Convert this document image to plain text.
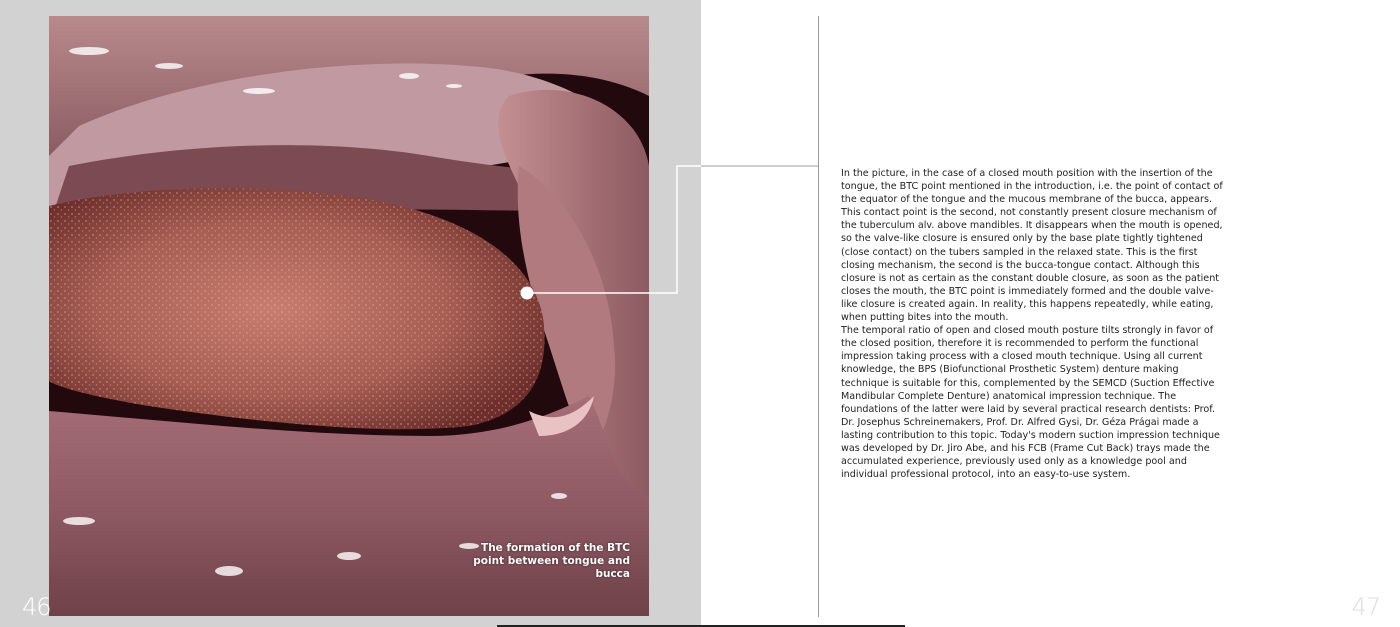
The formation of the BTC point between tongue and bucca
46	47

In the picture, in the case of a closed mouth position with the insertion of the tongue, the BTC point mentioned in the introduction, i.e. the point of contact of the equator of the tongue and the mucous membrane of the bucca, appears. This contact point is the second, not constantly present closure mechanism of the tuberculum alv. above mandibles. It disappears when the mouth is opened, so the valve-like closure is ensured only by the base plate tightly tightened (close contact) on the tubers sampled in the relaxed state. This is the first closing mechanism, the second is the bucca-tongue contact. Although this closure is not as certain as the constant double closure, as soon as the patient closes the mouth, the BTC point is immediately formed and the double valve-like closure is created again. In reality, this happens repeatedly, while eating, when putting bites into the mouth.

The temporal ratio of open and closed mouth posture tilts strongly in favor of the closed position, therefore it is recommended to perform the functional impression taking process with a closed mouth technique. Using all current knowledge, the BPS (Biofunctional Prosthetic System) denture making technique is suitable for this, complemented by the SEMCD (Suction Effective Mandibular Complete Denture) anatomical impression technique. The foundations of the latter were laid by several practical research dentists: Prof. Dr. Josephus Schreinemakers, Prof. Dr. Alfred Gysi, Dr. Géza Prágai made a lasting contribution to this topic. Today's modern suction impression technique was developed by Dr. Jiro Abe, and his FCB (Frame Cut Back) trays made the accumulated experience, previously used only as a knowledge pool and individual professional protocol, into an easy-to-use system.
